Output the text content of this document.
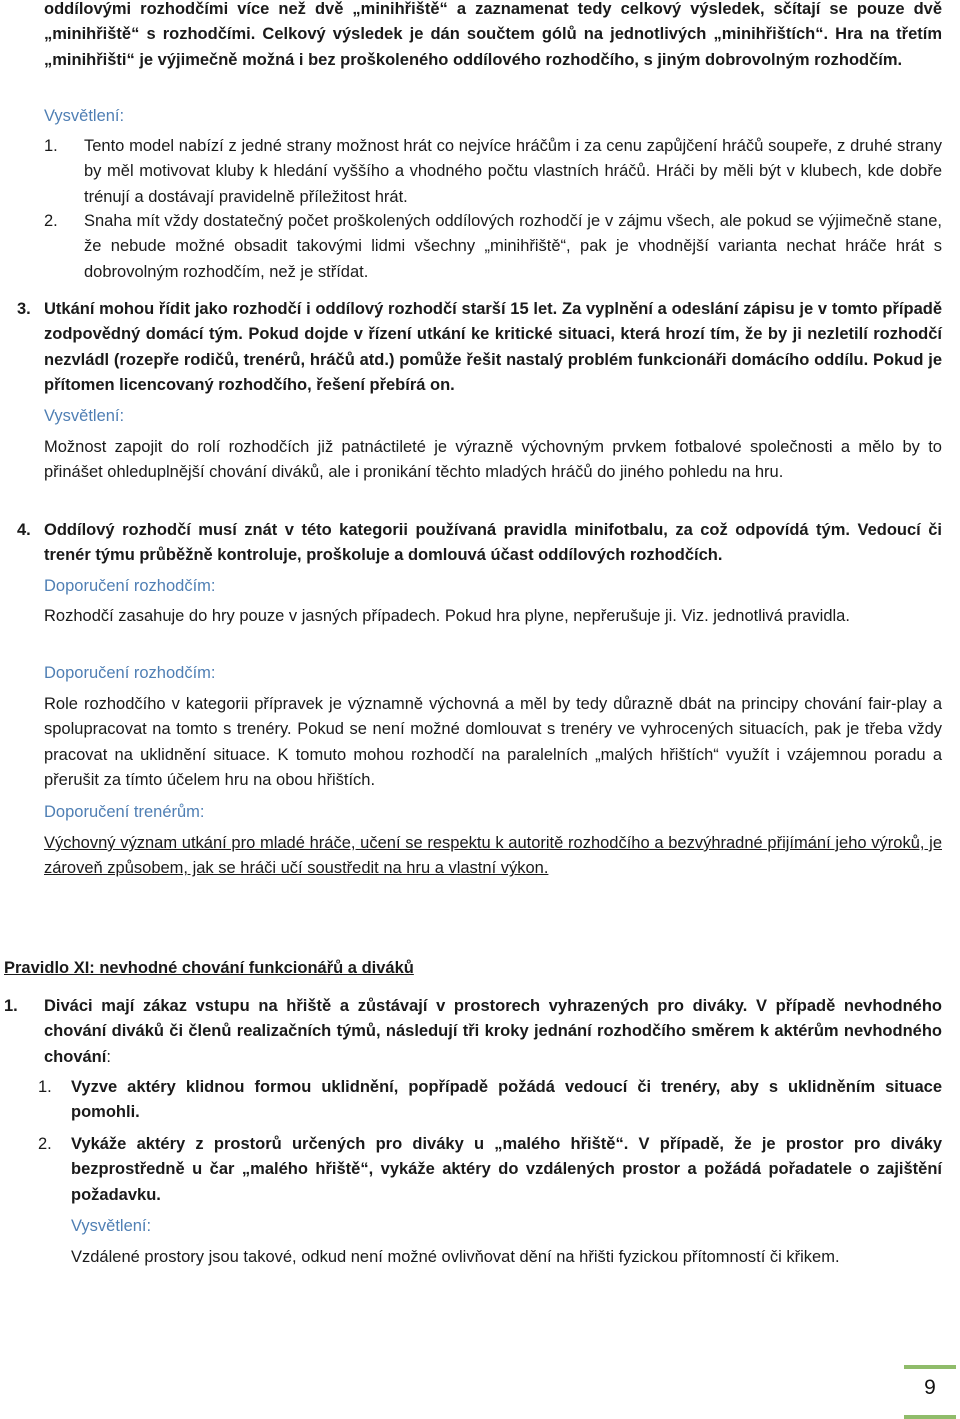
oddílovými rozhodčími více než dvě „minihřiště“ a zaznamenat tedy celkový výsledek, sčítají se pouze dvě „minihřiště“ s rozhodčími. Celkový výsledek je dán součtem gólů na jednotlivých „minihřištích“. Hra na třetím „minihřišti“ je výjimečně možná i bez proškoleného oddílového rozhodčího, s jiným dobrovolným rozhodčím.

Vysvětlení:

1. Tento model nabízí z jedné strany možnost hrát co nejvíce hráčům i za cenu zapůjčení hráčů soupeře, z druhé strany by měl motivovat kluby k hledání vyššího a vhodného počtu vlastních hráčů. Hráči by měli být v klubech, kde dobře trénují a dostávají pravidelně příležitost hrát.

2. Snaha mít vždy dostatečný počet proškolených oddílových rozhodčí je v zájmu všech, ale pokud se výjimečně stane, že nebude možné obsadit takovými lidmi všechny „minihřiště“, pak je vhodnější varianta nechat hráče hrát s dobrovolným rozhodčím, než je střídat.

3. Utkání mohou řídit jako rozhodčí i oddílový rozhodčí starší 15 let. Za vyplnění a odeslání zápisu je v tomto případě zodpovědný domácí tým. Pokud dojde v řízení utkání ke kritické situaci, která hrozí tím, že by ji nezletilí rozhodčí nezvládl (rozepře rodičů, trenérů, hráčů atd.) pomůže řešit nastalý problém funkcionáři domácího oddílu. Pokud je přítomen licencovaný rozhodčího, řešení přebírá on.

Vysvětlení:

Možnost zapojit do rolí rozhodčích již patnáctileté je výrazně výchovným prvkem fotbalové společnosti a mělo by to přinášet ohleduplnější chování diváků, ale i pronikání těchto mladých hráčů do jiného pohledu na hru.

4. Oddílový rozhodčí musí znát v této kategorii používaná pravidla minifotbalu, za což odpovídá tým. Vedoucí či trenér týmu průběžně kontroluje, proškoluje a domlouvá účast oddílových rozhodčích.

Doporučení rozhodčím:

Rozhodčí zasahuje do hry pouze v jasných případech. Pokud hra plyne, nepřerušuje ji. Viz. jednotlivá pravidla.

Doporučení rozhodčím:

Role rozhodčího v kategorii přípravek je významně výchovná a měl by tedy důrazně dbát na principy chování fair-play a spolupracovat na tomto s trenéry. Pokud se není možné domlouvat s trenéry ve vyhrocených situacích, pak je třeba vždy pracovat na uklidnění situace. K tomuto mohou rozhodčí na paralelních „malých hřištích“ využít i vzájemnou poradu a přerušit za tímto účelem hru na obou hřištích.

Doporučení trenérům:

Výchovný význam utkání pro mladé hráče, učení se respektu k autoritě rozhodčího a bezvýhradné přijímání jeho výroků, je zároveň způsobem, jak se hráči učí soustředit na hru a vlastní výkon.

Pravidlo XI: nevhodné chování funkcionářů a diváků

1. Diváci mají zákaz vstupu na hřiště a zůstávají v prostorech vyhrazených pro diváky. V případě nevhodného chování diváků či členů realizačních týmů, následují tři kroky jednání rozhodčího směrem k aktérům nevhodného chování:

1. Vyzve aktéry klidnou formou uklidnění, popřípadě požádá vedoucí či trenéry, aby s uklidněním situace pomohli.

2. Vykáže aktéry z prostorů určených pro diváky u „malého hřiště“. V případě, že je prostor pro diváky bezprostředně u čar „malého hřiště“, vykáže aktéry do vzdálených prostor a požádá pořadatele o zajištění požadavku.

Vysvětlení:

Vzdálené prostory jsou takové, odkud není možné ovlivňovat dění na hřišti fyzickou přítomností či křikem.

9
